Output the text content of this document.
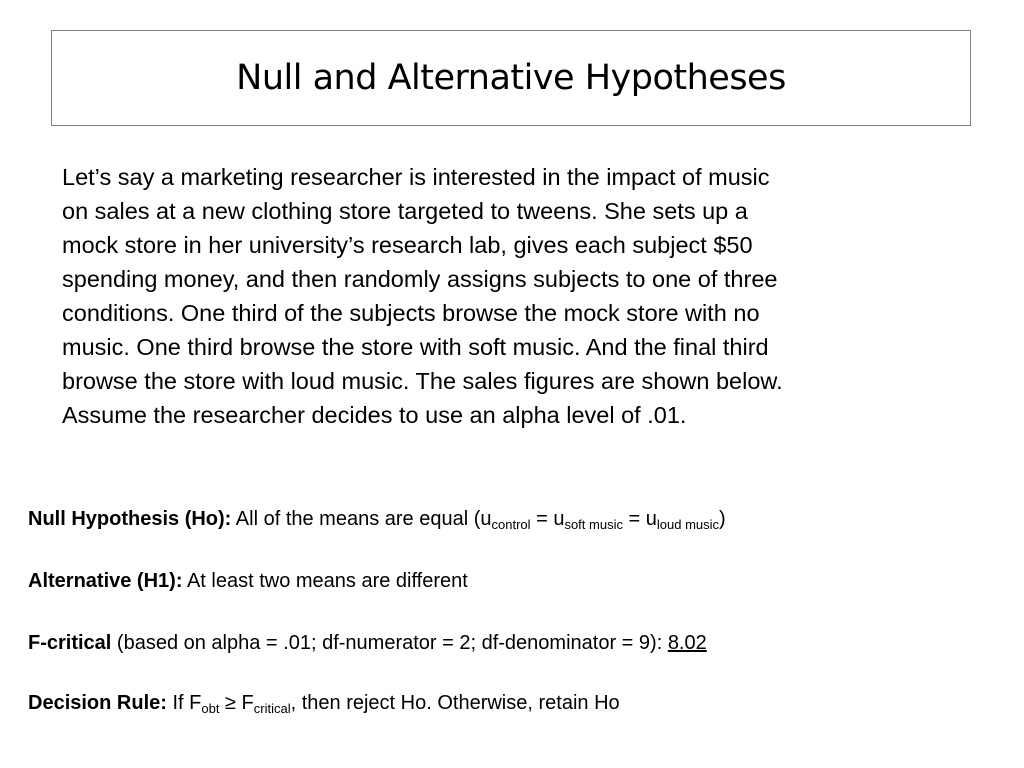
Null and Alternative Hypotheses

Let’s say a marketing researcher is interested in the impact of music

on sales at a new clothing store targeted to tweens. She sets up a

mock store in her university’s research lab, gives each subject $50

spending money, and then randomly assigns subjects to one of three

conditions. One third of the subjects browse the mock store with no

music. One third browse the store with soft music. And the final third

browse the store with loud music. The sales figures are shown below.

Assume the researcher decides to use an alpha level of .01.

Null Hypothesis (Ho): All of the means are equal $(u_{control} = u_{soft music} = u_{loud music})$
Alternative (H1): At least two means are different
F-critical (based on alpha = .01; df-numerator = 2; df-denominator = 9): 8.02
Decision Rule: If $F_{obt} \ge F_{critical}$, then reject Ho. Otherwise, retain Ho
